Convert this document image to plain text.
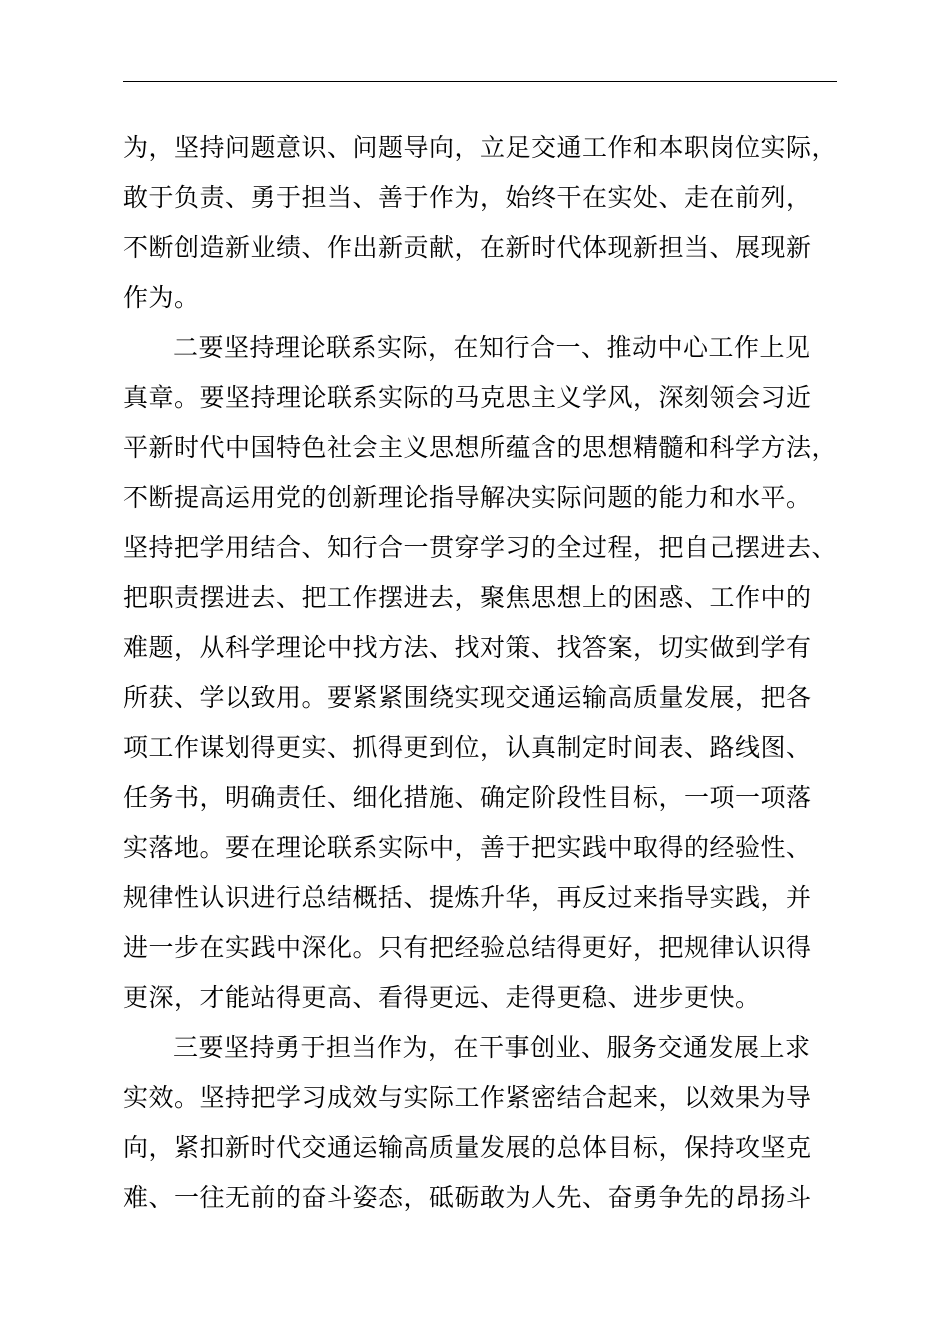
为，坚持问题意识、问题导向，立足交通工作和本职岗位实际，
敢于负责、勇于担当、善于作为，始终干在实处、走在前列，
不断创造新业绩、作出新贡献，在新时代体现新担当、展现新
作为。
二要坚持理论联系实际，在知行合一、推动中心工作上见
真章。要坚持理论联系实际的马克思主义学风，深刻领会习近
平新时代中国特色社会主义思想所蕴含的思想精髓和科学方法，
不断提高运用党的创新理论指导解决实际问题的能力和水平。
坚持把学用结合、知行合一贯穿学习的全过程，把自己摆进去、
把职责摆进去、把工作摆进去，聚焦思想上的困惑、工作中的
难题，从科学理论中找方法、找对策、找答案，切实做到学有
所获、学以致用。要紧紧围绕实现交通运输高质量发展，把各
项工作谋划得更实、抓得更到位，认真制定时间表、路线图、
任务书，明确责任、细化措施、确定阶段性目标，一项一项落
实落地。要在理论联系实际中，善于把实践中取得的经验性、
规律性认识进行总结概括、提炼升华，再反过来指导实践，并
进一步在实践中深化。只有把经验总结得更好，把规律认识得
更深，才能站得更高、看得更远、走得更稳、进步更快。
三要坚持勇于担当作为，在干事创业、服务交通发展上求
实效。坚持把学习成效与实际工作紧密结合起来，以效果为导
向，紧扣新时代交通运输高质量发展的总体目标，保持攻坚克
难、一往无前的奋斗姿态，砥砺敢为人先、奋勇争先的昂扬斗
